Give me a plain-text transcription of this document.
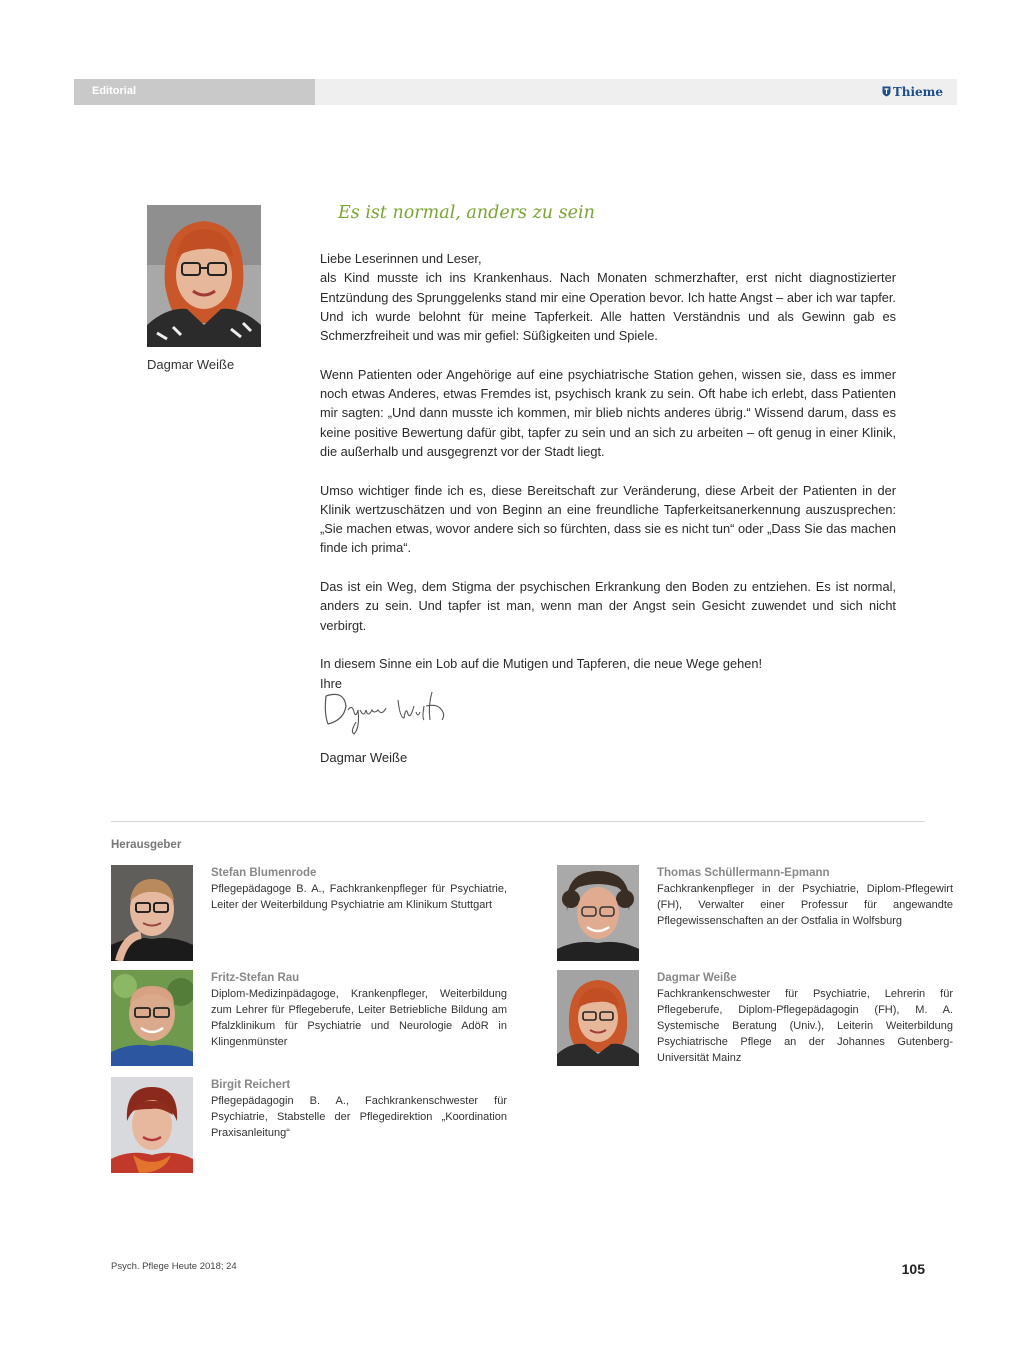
Editorial	Thieme
Dagmar Weiße
Es ist normal, anders zu sein

Liebe Leserinnen und Leser,

als Kind musste ich ins Krankenhaus. Nach Monaten schmerzhafter, erst nicht diagnostizierter Entzündung des Sprunggelenks stand mir eine Operation bevor. Ich hatte Angst – aber ich war tapfer. Und ich wurde belohnt für meine Tapferkeit. Alle hatten Verständnis und als Gewinn gab es Schmerzfreiheit und was mir gefiel: Süßigkeiten und Spiele.

Wenn Patienten oder Angehörige auf eine psychiatrische Station gehen, wissen sie, dass es immer noch etwas Anderes, etwas Fremdes ist, psychisch krank zu sein. Oft habe ich erlebt, dass Patienten mir sagten: „Und dann musste ich kommen, mir blieb nichts anderes übrig.“ Wissend darum, dass es keine positive Bewertung dafür gibt, tapfer zu sein und an sich zu arbeiten – oft genug in einer Klinik, die außerhalb und ausgegrenzt vor der Stadt liegt.

Umso wichtiger finde ich es, diese Bereitschaft zur Veränderung, diese Arbeit der Patienten in der Klinik wertzuschätzen und von Beginn an eine freundliche Tapferkeitsanerkennung auszusprechen: „Sie machen etwas, wovor andere sich so fürchten, dass sie es nicht tun“ oder „Dass Sie das machen finde ich prima“.

Das ist ein Weg, dem Stigma der psychischen Erkrankung den Boden zu entziehen. Es ist normal, anders zu sein. Und tapfer ist man, wenn man der Angst sein Gesicht zuwendet und sich nicht verbirgt.

In diesem Sinne ein Lob auf die Mutigen und Tapferen, die neue Wege gehen!

Ihre

Dagmar Weiße
Herausgeber
Stefan Blumenrode
Pflegepädagoge B. A., Fachkrankenpfleger für Psychiatrie, Leiter der Weiterbildung Psychiatrie am Klinikum Stuttgart
Fritz-Stefan Rau
Diplom-Medizinpädagoge, Krankenpfleger, Weiterbildung zum Lehrer für Pflegeberufe, Leiter Betriebliche Bildung am Pfalzklinikum für Psychiatrie und Neurologie AdöR in Klingenmünster
Birgit Reichert
Pflegepädagogin B. A., Fachkrankenschwester für Psychiatrie, Stabstelle der Pflegedirektion „Koordination Praxisanleitung“
Thomas Schüllermann-Epmann
Fachkrankenpfleger in der Psychiatrie, Diplom-Pflegewirt (FH), Verwalter einer Professur für angewandte Pflegewissenschaften an der Ostfalia in Wolfsburg
Dagmar Weiße
Fachkrankenschwester für Psychiatrie, Lehrerin für Pflegeberufe, Diplom-Pflegepädagogin (FH), M. A. Systemische Beratung (Univ.), Leiterin Weiterbildung Psychiatrische Pflege an der Johannes Gutenberg-Universität Mainz
Psych. Pflege Heute 2018; 24	105
